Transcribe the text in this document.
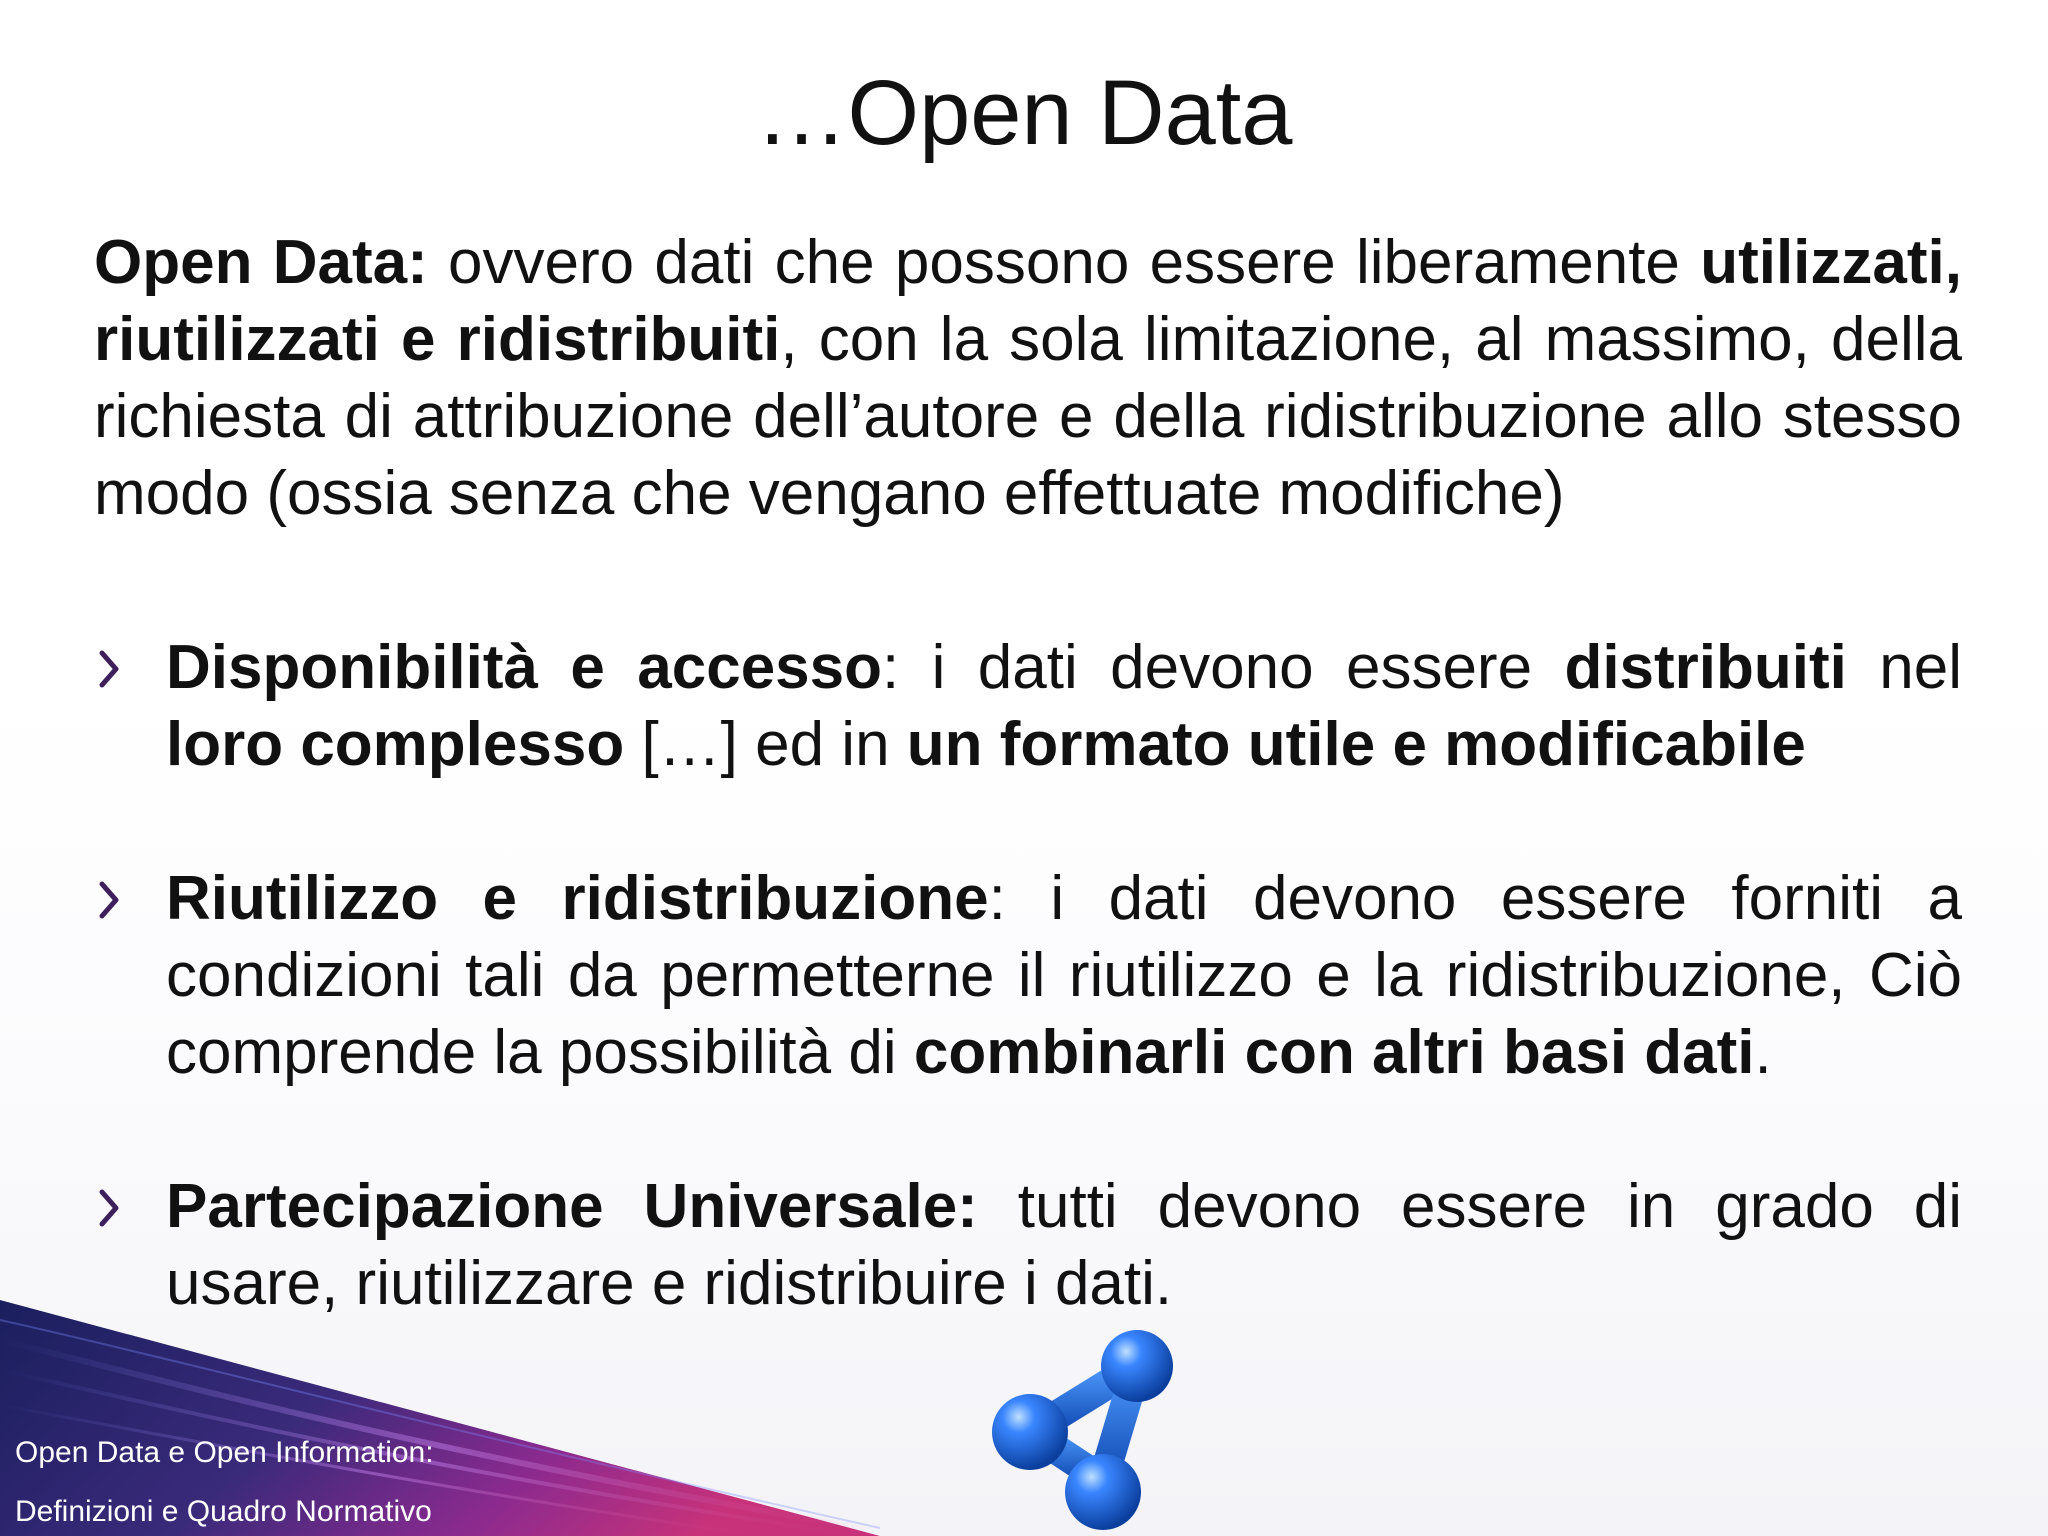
…Open Data
Open Data: ovvero dati che possono essere liberamente utilizzati, riutilizzati e ridistribuiti, con la sola limitazione, al massimo, della richiesta di attribuzione dell’autore e della ridistribuzione allo stesso modo (ossia senza che vengano effettuate modifiche)
Disponibilità e accesso: i dati devono essere distribuiti nel loro complesso […] ed in un formato utile e modificabile
Riutilizzo e ridistribuzione: i dati devono essere forniti a condizioni tali da permetterne il riutilizzo e la ridistribuzione, Ciò comprende la possibilità di combinarli con altri basi dati.
Partecipazione Universale: tutti devono essere in grado di usare, riutilizzare e ridistribuire i dati.
Open Data e Open Information:
Definizioni e Quadro Normativo
